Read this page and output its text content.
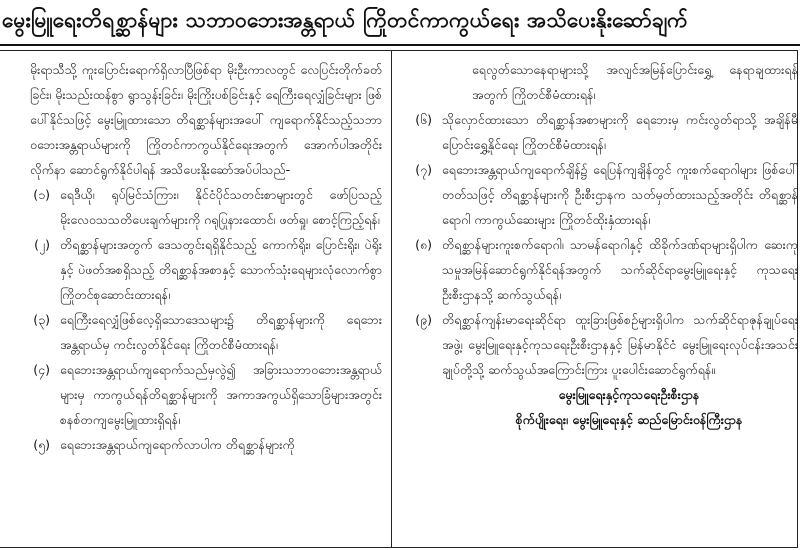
မွေးမြူရေးတိရစ္ဆာန်များ သဘာဝဘေးအန္တရာယ် ကြိုတင်ကာကွယ်ရေး အသိပေးနိုးဆော်ချက်

မိုးရာသီသို့ ကူးပြောင်းရောက်ရှိလာပြီဖြစ်ရာ မိုးဦးကာလတွင် လေပြင်းတိုက်ခတ်ခြင်း၊ မိုးသည်းထန်စွာ ရွာသွန်းခြင်း၊ မိုးကြိုးပစ်ခြင်းနှင့် ရေကြီးရေလျှံခြင်းများ ဖြစ်ပေါ်နိုင်သဖြင့် မွေးမြူထားသော တိရစ္ဆာန်များအပေါ် ကျရောက်နိုင်သည့်သဘာဝဘေးအန္တရာယ်များကို ကြိုတင်ကာကွယ်နိုင်ရေးအတွက် အောက်ပါအတိုင်း လိုက်နာ ဆောင်ရွက်နိုင်ပါရန် အသိပေးနိုးဆော်အပ်ပါသည်-

(၁) ရေဒီယို၊ ရုပ်မြင်သံကြား၊ နိုင်ငံပိုင်သတင်းစာများတွင် ဖော်ပြသည့် မိုးလေဝသသတိပေးချက်များကို ဂရုပြုနားထောင်၊ ဖတ်ရှု၊ စောင့်ကြည့်ရန်၊
(၂) တိရစ္ဆာန်များအတွက် ဒေသတွင်းရရှိနိုင်သည့် ကောက်ရိုး၊ ပြောင်းရိုး၊ ပဲရိုးနှင့် ပဲဖတ်အစရှိသည့် တိရစ္ဆာန်အစာနှင့် သောက်သုံးရေများလုံလောက်စွာ ကြိုတင်စုဆောင်းထားရန်၊
(၃) ရေကြီးရေလျှံဖြစ်လေ့ရှိသောဒေသများ၌ တိရစ္ဆာန်များကို ရေဘေးအန္တရာယ်မှ ကင်းလွတ်နိုင်ရေး ကြိုတင်စီမံထားရန်၊
(၄) ရေဘေးအန္တရာယ်ကျရောက်သည်မှလွဲ၍ အခြားသဘာဝဘေးအန္တရာယ်များမှ ကာကွယ်ရန်တိရစ္ဆာန်များကို အကာအကွယ်ရှိသောခြံများအတွင်း စနစ်တကျမွေးမြူထားရှိရန်၊
(၅) ရေဘေးအန္တရာယ်ကျရောက်လာပါက တိရစ္ဆာန်များကို

ရေလွတ်သောနေရာများသို့ အလျင်အမြန်ပြောင်းရွှေ့ နေရာချထားရန်အတွက် ကြိုတင်စီမံထားရန်၊

(၆) သိုလှောင်ထားသော တိရစ္ဆာန်အစာများကို ရေဘေးမှ ကင်းလွတ်ရာသို့ အချိန်မီပြောင်းရွှေ့နိုင်ရေး ကြိုတင်စီမံထားရန်၊
(၇) ရေဘေးအန္တရာယ်ကျရောက်ချိန်၌ ရေပြန်ကျချိန်တွင် ကူးစက်ရောဂါများ ဖြစ်ပေါ်တတ်သဖြင့် တိရစ္ဆာန်များကို ဦးစီးဌာနက သတ်မှတ်ထားသည့်အတိုင်း တိရစ္ဆာန်ရောဂါ ကာကွယ်ဆေးများ ကြိုတင်ထိုးနှံထားရန်၊
(၈) တိရစ္ဆာန်များကူးစက်ရောဂါ၊ သာမန်ရောဂါနှင့် ထိခိုက်ဒဏ်ရာများရှိပါက ဆေးကုသမှုအမြန်ဆောင်ရွက်နိုင်ရန်အတွက် သက်ဆိုင်ရာမွေးမြူရေးနှင့် ကုသရေးဦးစီးဌာနသို့ ဆက်သွယ်ရန်၊
(၉) တိရစ္ဆာန်ကျန်းမာရေးဆိုင်ရာ ထူးခြားဖြစ်စဉ်များရှိပါက သက်ဆိုင်ရာဇုန်ချုပ်ရေးအဖွဲ့၊ မွေးမြူရေးနှင့်ကုသရေးဦးစီးဌာနနှင့် မြန်မာနိုင်ငံ မွေးမြူရေးလုပ်ငန်းအသင်းချုပ်တို့သို့ ဆက်သွယ်အကြောင်းကြား ပူးပေါင်းဆောင်ရွက်ရန်။

မွေးမြူရေးနှင့်ကုသရေးဦးစီးဌာန

စိုက်ပျိုးရေး၊ မွေးမြူရေးနှင့် ဆည်မြောင်းဝန်ကြီးဌာန
